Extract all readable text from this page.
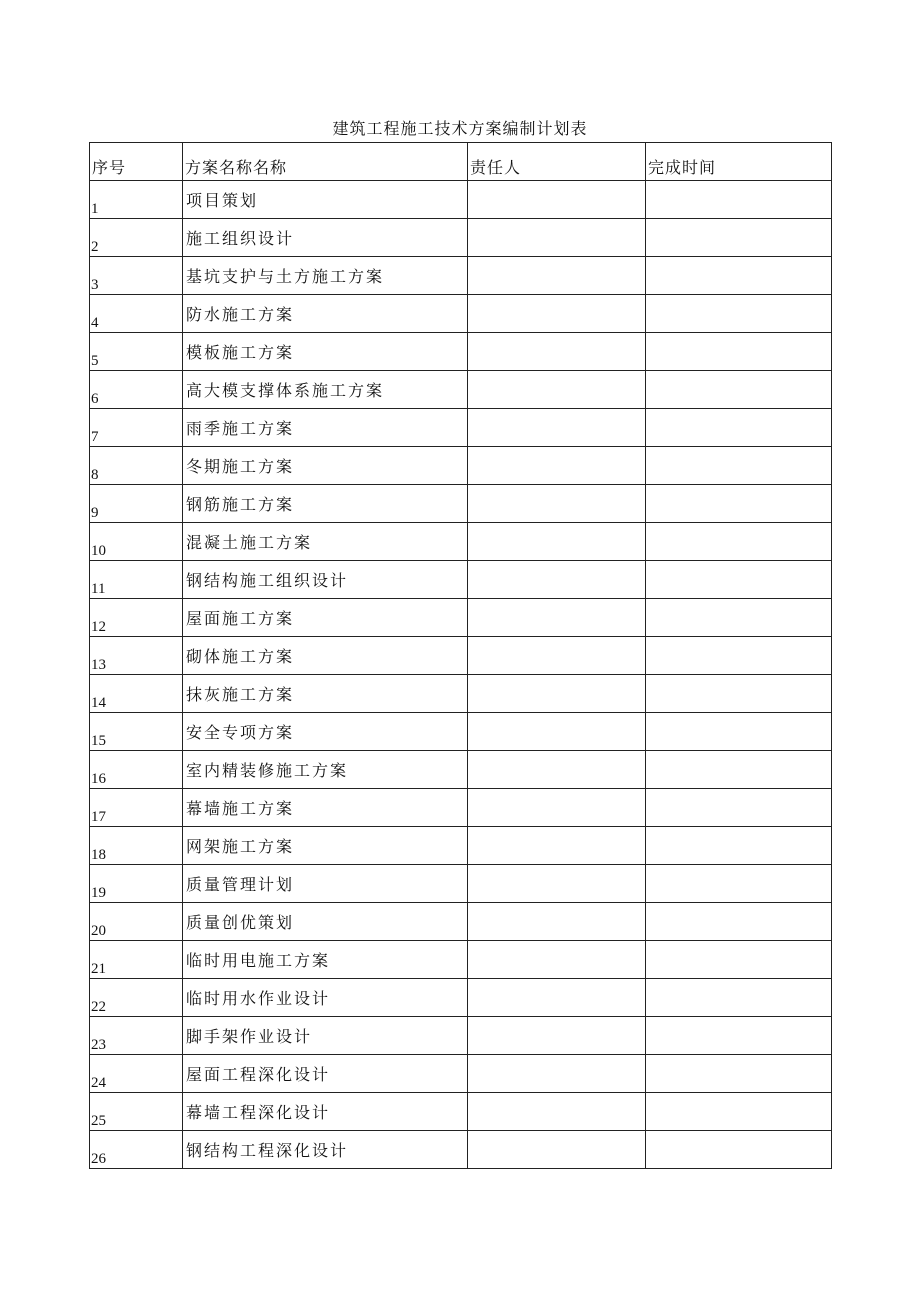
建筑工程施工技术方案编制计划表
序号	方案名称名称	责任人	完成时间
1	项目策划		
2	施工组织设计		
3	基坑支护与土方施工方案		
4	防水施工方案		
5	模板施工方案		
6	高大模支撑体系施工方案		
7	雨季施工方案		
8	冬期施工方案		
9	钢筋施工方案		
10	混凝土施工方案		
11	钢结构施工组织设计		
12	屋面施工方案		
13	砌体施工方案		
14	抹灰施工方案		
15	安全专项方案		
16	室内精装修施工方案		
17	幕墙施工方案		
18	网架施工方案		
19	质量管理计划		
20	质量创优策划		
21	临时用电施工方案		
22	临时用水作业设计		
23	脚手架作业设计		
24	屋面工程深化设计		
25	幕墙工程深化设计		
26	钢结构工程深化设计		
